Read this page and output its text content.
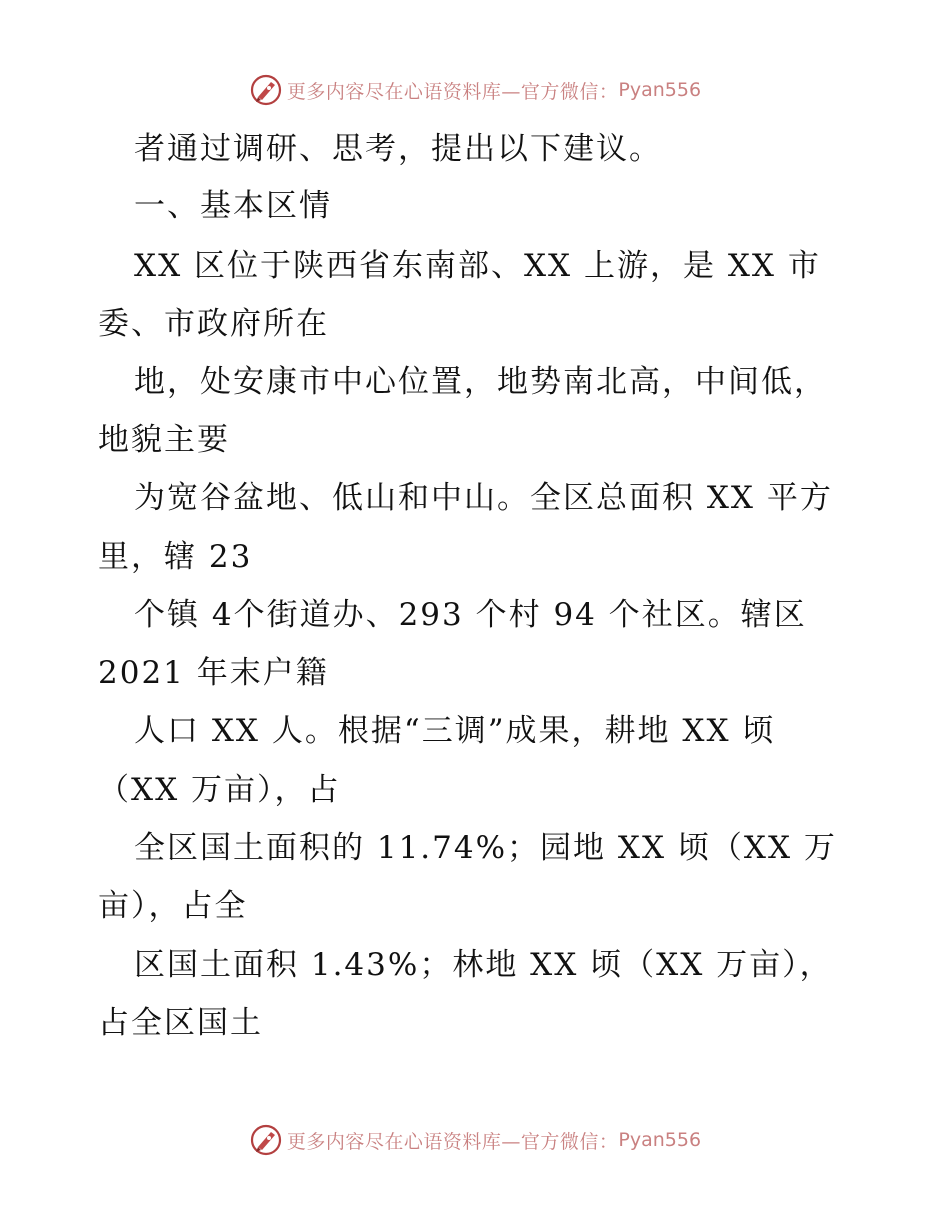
更多内容尽在心语资料库—官方微信： Pyan556
者通过调研、思考，提出以下建议。
一、基本区情
XX 区位于陕西省东南部、XX 上游，是 XX 市
委、市政府所在
地，处安康市中心位置，地势南北高，中间低，
地貌主要
为宽谷盆地、低山和中山。全区总面积 XX 平方
里，辖 23
个镇 4个街道办、293 个村 94 个社区。辖区
2021 年末户籍
人口 XX 人。根据“三调”成果，耕地 XX 顷
（XX 万亩），占
全区国土面积的 11.74%；园地 XX 顷（XX 万
亩），占全
区国土面积 1.43%；林地 XX 顷（XX 万亩），
占全区国土
更多内容尽在心语资料库—官方微信： Pyan556
